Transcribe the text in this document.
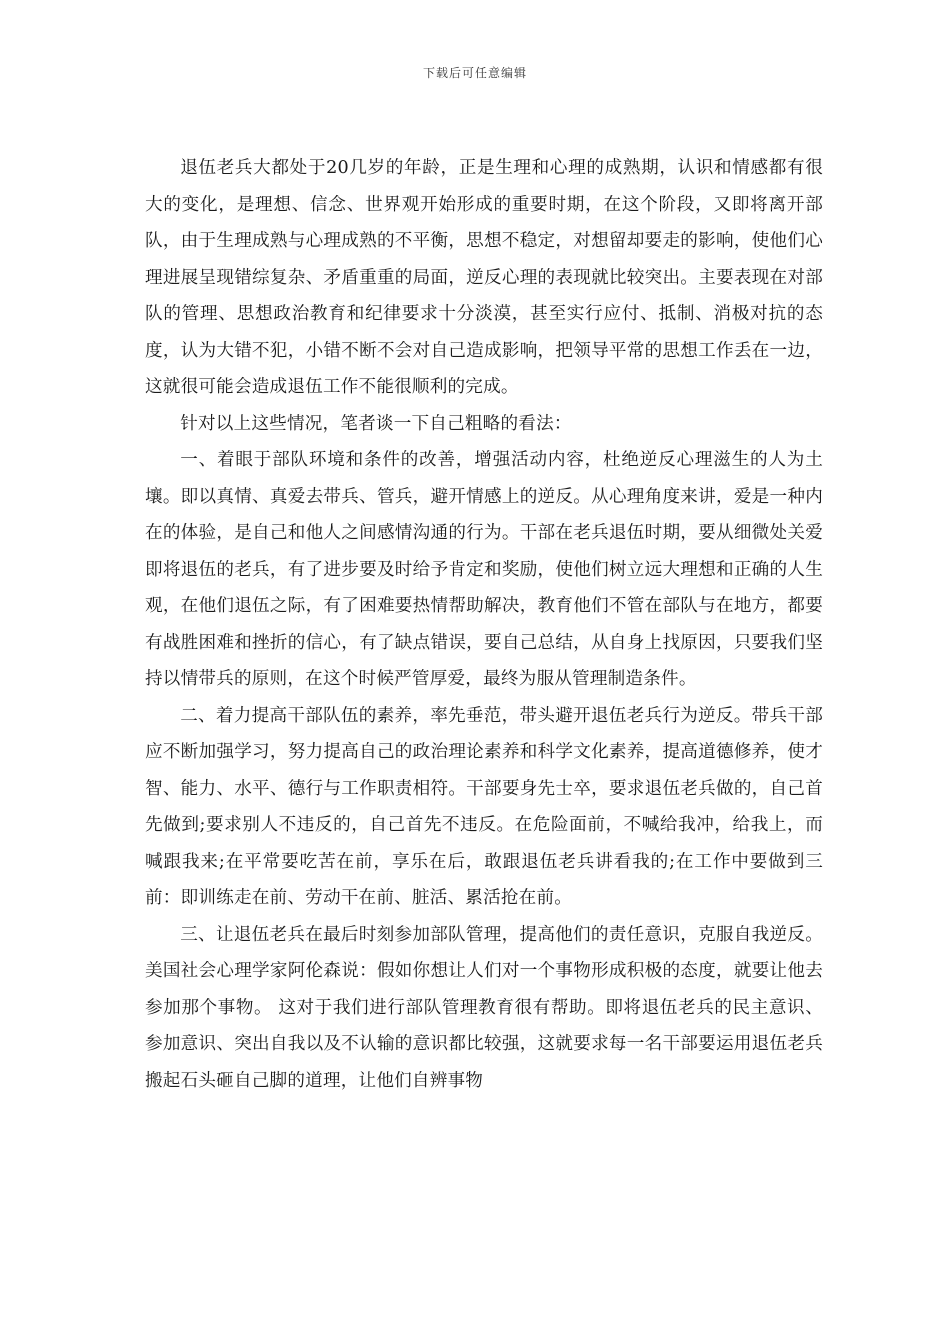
下载后可任意编辑

退伍老兵大都处于20几岁的年龄，正是生理和心理的成熟期，认识和情感都有很大的变化，是理想、信念、世界观开始形成的重要时期，在这个阶段，又即将离开部队，由于生理成熟与心理成熟的不平衡，思想不稳定，对想留却要走的影响，使他们心理进展呈现错综复杂、矛盾重重的局面，逆反心理的表现就比较突出。主要表现在对部队的管理、思想政治教育和纪律要求十分淡漠，甚至实行应付、抵制、消极对抗的态度，认为大错不犯，小错不断不会对自己造成影响，把领导平常的思想工作丢在一边，这就很可能会造成退伍工作不能很顺利的完成。

针对以上这些情况，笔者谈一下自己粗略的看法：

一、着眼于部队环境和条件的改善，增强活动内容，杜绝逆反心理滋生的人为土壤。即以真情、真爱去带兵、管兵，避开情感上的逆反。从心理角度来讲，爱是一种内在的体验，是自己和他人之间感情沟通的行为。干部在老兵退伍时期，要从细微处关爱即将退伍的老兵，有了进步要及时给予肯定和奖励，使他们树立远大理想和正确的人生观，在他们退伍之际，有了困难要热情帮助解决，教育他们不管在部队与在地方，都要有战胜困难和挫折的信心，有了缺点错误，要自己总结，从自身上找原因，只要我们坚持以情带兵的原则，在这个时候严管厚爱，最终为服从管理制造条件。

二、着力提高干部队伍的素养，率先垂范，带头避开退伍老兵行为逆反。带兵干部应不断加强学习，努力提高自己的政治理论素养和科学文化素养，提高道德修养，使才智、能力、水平、德行与工作职责相符。干部要身先士卒，要求退伍老兵做的，自己首先做到;要求别人不违反的，自己首先不违反。在危险面前，不喊给我冲，给我上，而喊跟我来;在平常要吃苦在前，享乐在后，敢跟退伍老兵讲看我的;在工作中要做到三前：即训练走在前、劳动干在前、脏活、累活抢在前。

三、让退伍老兵在最后时刻参加部队管理，提高他们的责任意识，克服自我逆反。美国社会心理学家阿伦森说：假如你想让人们对一个事物形成积极的态度，就要让他去参加那个事物。 这对于我们进行部队管理教育很有帮助。即将退伍老兵的民主意识、参加意识、突出自我以及不认输的意识都比较强，这就要求每一名干部要运用退伍老兵搬起石头砸自己脚的道理，让他们自辨事物
